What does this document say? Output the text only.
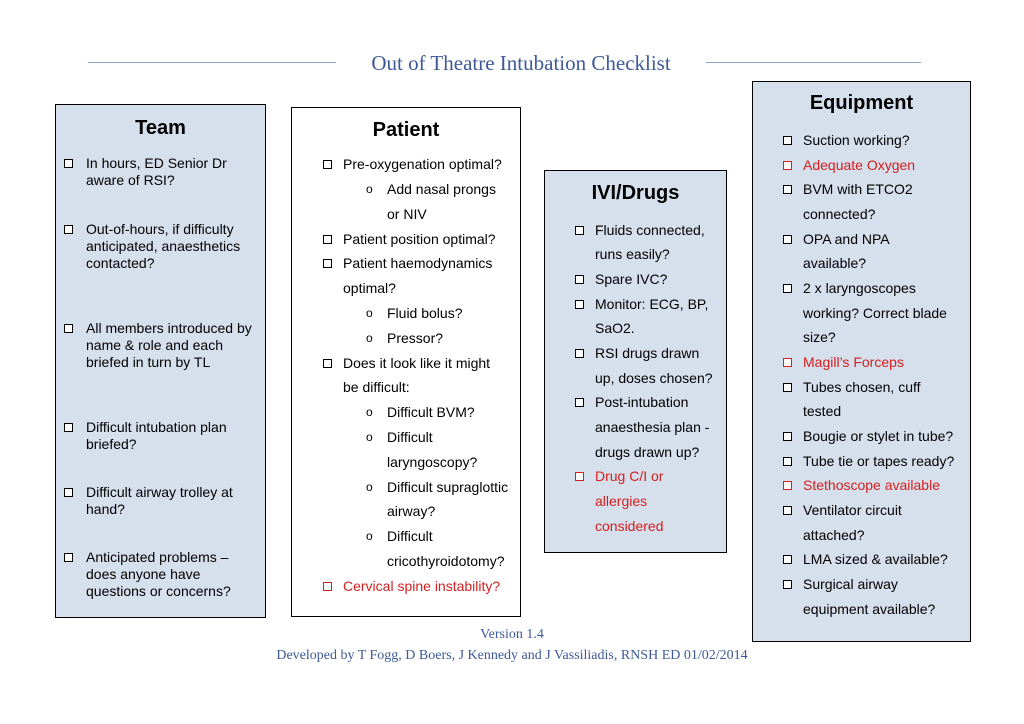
Out of Theatre Intubation Checklist
Team
In hours, ED Senior Dr aware of RSI?
Out-of-hours, if difficulty anticipated, anaesthetics contacted?
All members introduced by name & role and each briefed in turn by TL
Difficult intubation plan briefed?
Difficult airway trolley at hand?
Anticipated problems – does anyone have questions or concerns?
Patient
Pre-oxygenation optimal?
o Add nasal prongs
or NIV
Patient position optimal?
Patient haemodynamics
optimal?
o Fluid bolus?
o Pressor?
Does it look like it might
be difficult:
o Difficult BVM?
o Difficult
laryngoscopy?
o Difficult supraglottic
airway?
o Difficult
cricothyroidotomy?
Cervical spine instability?
IVI/Drugs
Fluids connected,
runs easily?
Spare IVC?
Monitor: ECG, BP,
SaO2.
RSI drugs drawn
up, doses chosen?
Post-intubation
anaesthesia plan -
drugs drawn up?
Drug C/I or
allergies
considered
Equipment
Suction working?
Adequate Oxygen
BVM with ETCO2
connected?
OPA and NPA
available?
2 x laryngoscopes
working? Correct blade
size?
Magill’s Forceps
Tubes chosen, cuff
tested
Bougie or stylet in tube?
Tube tie or tapes ready?
Stethoscope available
Ventilator circuit
attached?
LMA sized & available?
Surgical airway
equipment available?
Version 1.4
Developed by T Fogg, D Boers, J Kennedy and J Vassiliadis, RNSH ED 01/02/2014
